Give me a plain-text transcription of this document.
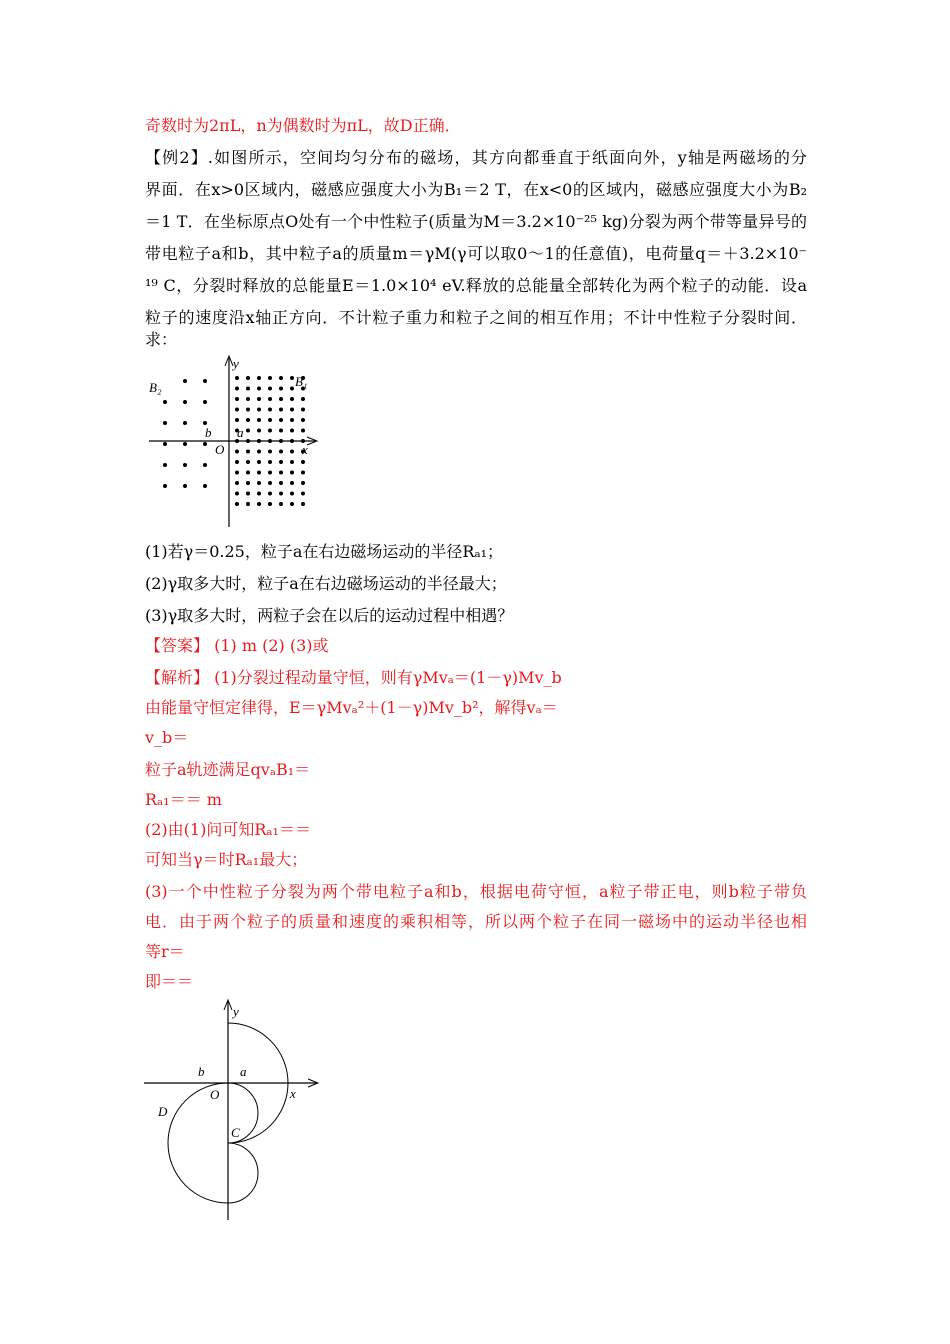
奇数时为2πL，n为偶数时为πL，故D正确．
【例2】.如图所示，空间均匀分布的磁场，其方向都垂直于纸面向外，y轴是两磁场的分
界面．在x>0区域内，磁感应强度大小为B₁＝2 T，在x<0的区域内，磁感应强度大小为B₂
＝1 T．在坐标原点O处有一个中性粒子(质量为M＝3.2×10⁻²⁵ kg)分裂为两个带等量异号的
带电粒子a和b，其中粒子a的质量m＝γM(γ可以取0～1的任意值)，电荷量q＝＋3.2×10⁻
¹⁹ C，分裂时释放的总能量E＝1.0×10⁴ eV.释放的总能量全部转化为两个粒子的动能．设a
粒子的速度沿x轴正方向．不计粒子重力和粒子之间的相互作用；不计中性粒子分裂时间．
求：
y
x
B₂	B₁
b a
O
(1)若γ＝0.25，粒子a在右边磁场运动的半径Rₐ₁；
(2)γ取多大时，粒子a在右边磁场运动的半径最大；
(3)γ取多大时，两粒子会在以后的运动过程中相遇？
【答案】 (1) m (2) (3)或
【解析】 (1)分裂过程动量守恒，则有γMvₐ＝(1－γ)Mv_b
由能量守恒定律得，E＝γMvₐ²＋(1－γ)Mv_b²，解得vₐ＝
v_b＝
粒子a轨迹满足qvₐB₁＝
Rₐ₁＝＝ m
(2)由(1)问可知Rₐ₁＝＝
可知当γ＝时Rₐ₁最大；
(3)一个中性粒子分裂为两个带电粒子a和b，根据电荷守恒，a粒子带正电，则b粒子带负
电．由于两个粒子的质量和速度的乘积相等，所以两个粒子在同一磁场中的运动半径也相
等r＝
即＝＝
y
x
b	a
O
D
C
